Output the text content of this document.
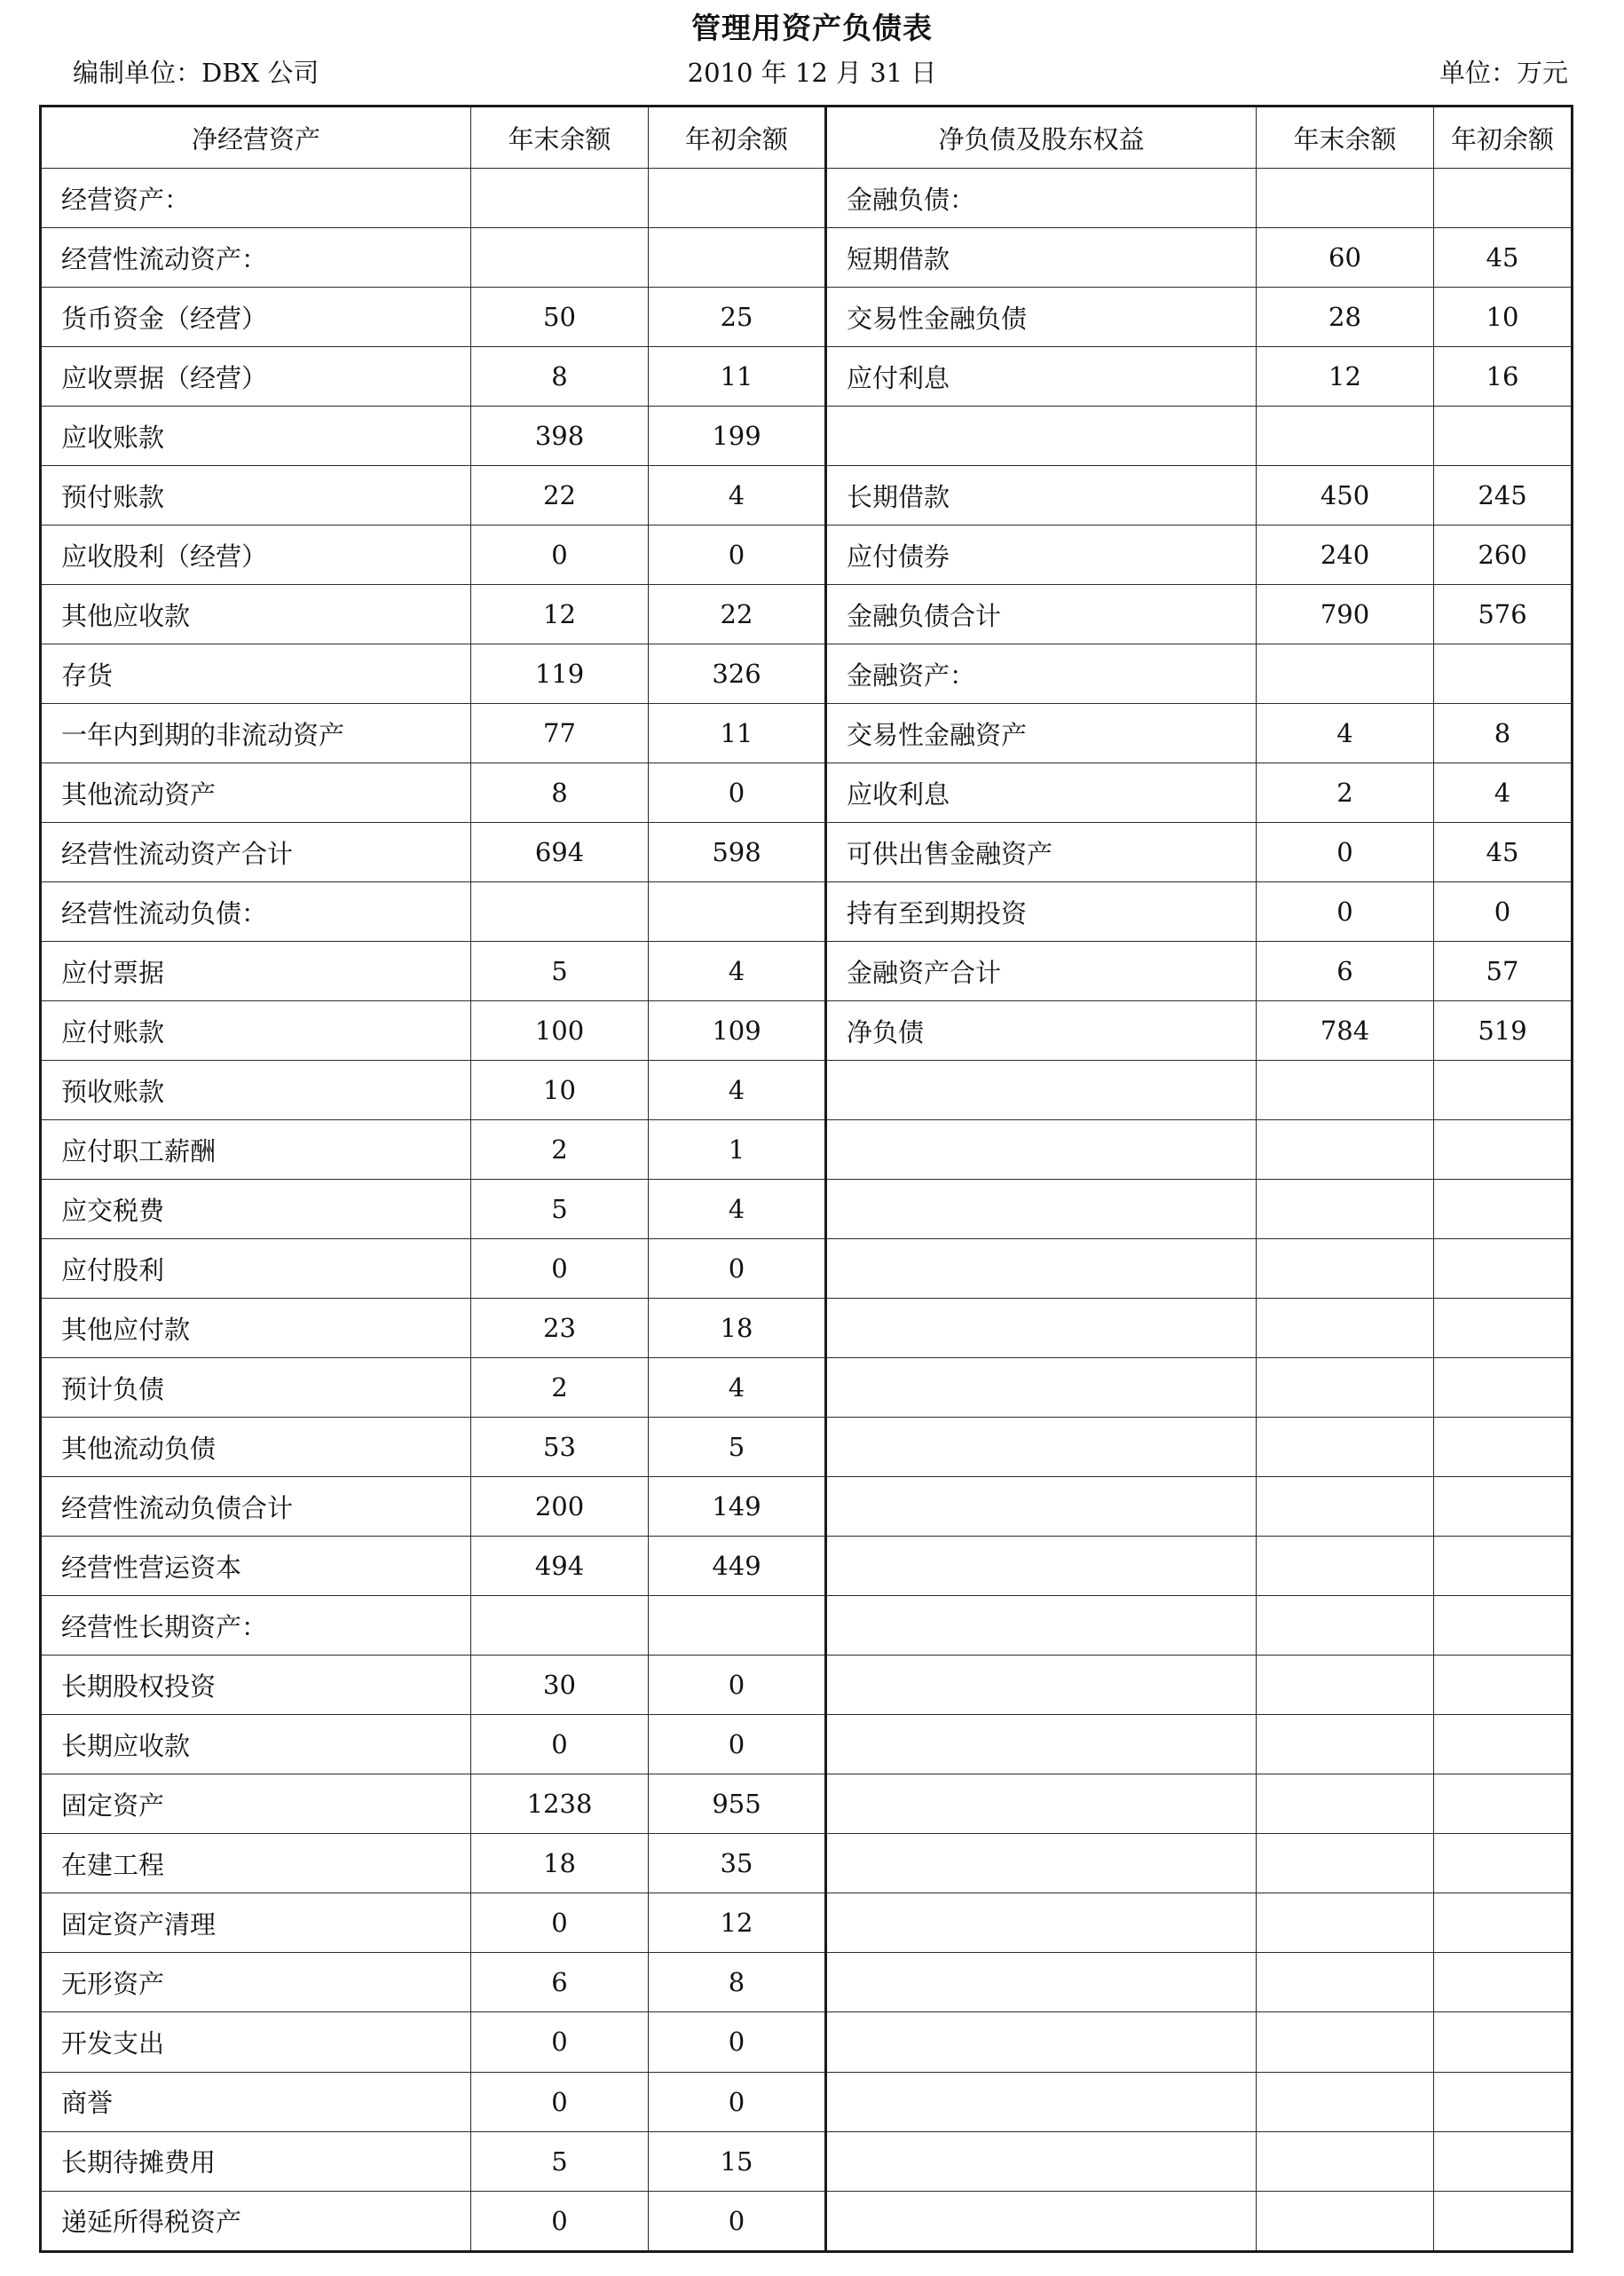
管理用资产负债表
编制单位：DBX 公司	2010 年 12 月 31 日	单位：万元
净经营资产	年末余额	年初余额	净负债及股东权益	年末余额	年初余额
经营资产：			金融负债：		
经营性流动资产：			短期借款	60	45
货币资金（经营）	50	25	交易性金融负债	28	10
应收票据（经营）	8	11	应付利息	12	16
应收账款	398	199			
预付账款	22	4	长期借款	450	245
应收股利（经营）	0	0	应付债券	240	260
其他应收款	12	22	金融负债合计	790	576
存货	119	326	金融资产：		
一年内到期的非流动资产	77	11	交易性金融资产	4	8
其他流动资产	8	0	应收利息	2	4
经营性流动资产合计	694	598	可供出售金融资产	0	45
经营性流动负债：			持有至到期投资	0	0
应付票据	5	4	金融资产合计	6	57
应付账款	100	109	净负债	784	519
预收账款	10	4			
应付职工薪酬	2	1			
应交税费	5	4			
应付股利	0	0			
其他应付款	23	18			
预计负债	2	4			
其他流动负债	53	5			
经营性流动负债合计	200	149			
经营性营运资本	494	449			
经营性长期资产：					
长期股权投资	30	0			
长期应收款	0	0			
固定资产	1238	955			
在建工程	18	35			
固定资产清理	0	12			
无形资产	6	8			
开发支出	0	0			
商誉	0	0			
长期待摊费用	5	15			
递延所得税资产	0	0			
